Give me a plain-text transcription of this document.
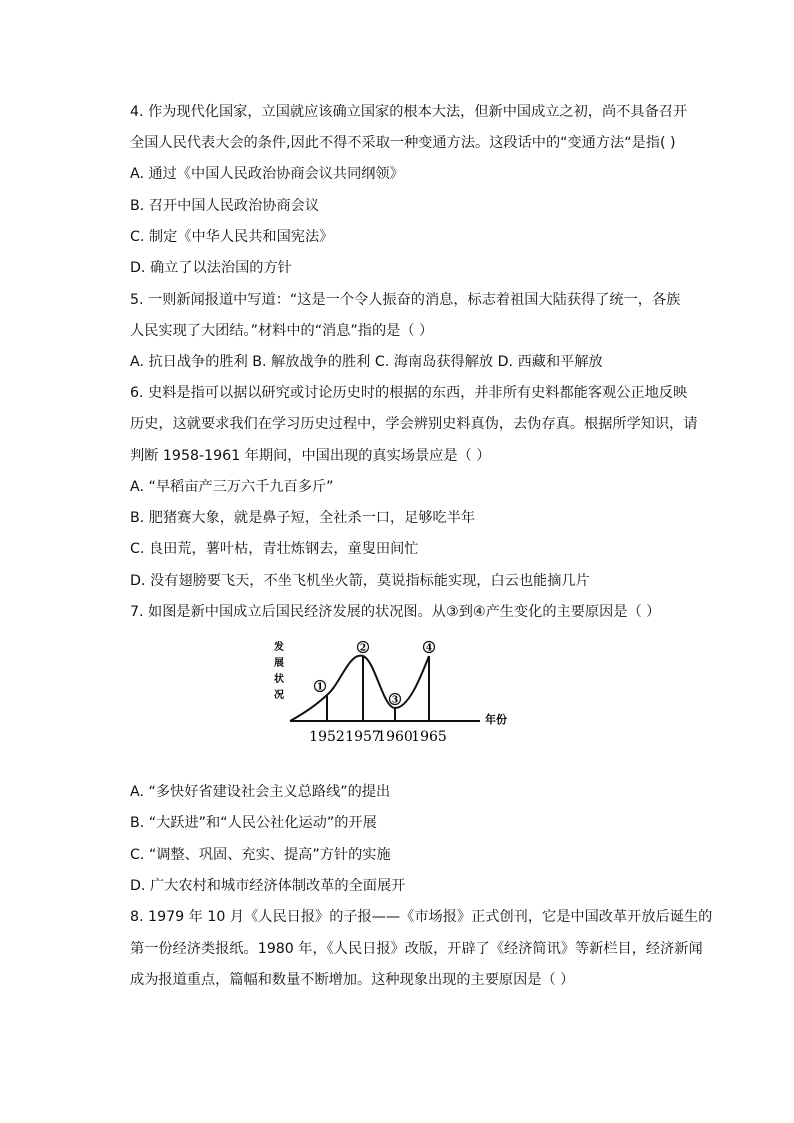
4. 作为现代化国家，立国就应该确立国家的根本大法，但新中国成立之初，尚不具备召开
全国人民代表大会的条件,因此不得不采取一种变通方法。这段话中的“变通方法“是指( )
A. 通过《中国人民政治协商会议共同纲领》
B. 召开中国人民政治协商会议
C. 制定《中华人民共和国宪法》
D. 确立了以法治国的方针
5. 一则新闻报道中写道：“这是一个令人振奋的消息，标志着祖国大陆获得了统一，各族
人民实现了大团结。”材料中的“消息”指的是（ ）
A. 抗日战争的胜利 B. 解放战争的胜利 C. 海南岛获得解放 D. 西藏和平解放
6. 史料是指可以据以研究或讨论历史时的根据的东西，并非所有史料都能客观公正地反映
历史，这就要求我们在学习历史过程中，学会辨别史料真伪，去伪存真。根据所学知识，请
判断 1958-1961 年期间，中国出现的真实场景应是（ ）
A. “早稻亩产三万六千九百多斤”
B. 肥猪赛大象，就是鼻子短，全社杀一口，足够吃半年
C. 良田荒，薯叶枯，青壮炼钢去，童叟田间忙
D. 没有翅膀要飞天，不坐飞机坐火箭，莫说指标能实现，白云也能摘几片
7. 如图是新中国成立后国民经济发展的状况图。从③到④产生变化的主要原因是（ ）
发
展
状
况
年份
1
2
3
4
1952 1957
1960
1965
A. “多快好省建设社会主义总路线”的提出
B. “大跃进”和“人民公社化运动”的开展
C. “调整、巩固、充实、提高”方针的实施
D. 广大农村和城市经济体制改革的全面展开
8. 1979 年 10 月《人民日报》的子报——《市场报》正式创刊，它是中国改革开放后诞生的
第一份经济类报纸。1980 年，《人民日报》改版，开辟了《经济简讯》等新栏目，经济新闻
成为报道重点，篇幅和数量不断增加。这种现象出现的主要原因是（ ）
